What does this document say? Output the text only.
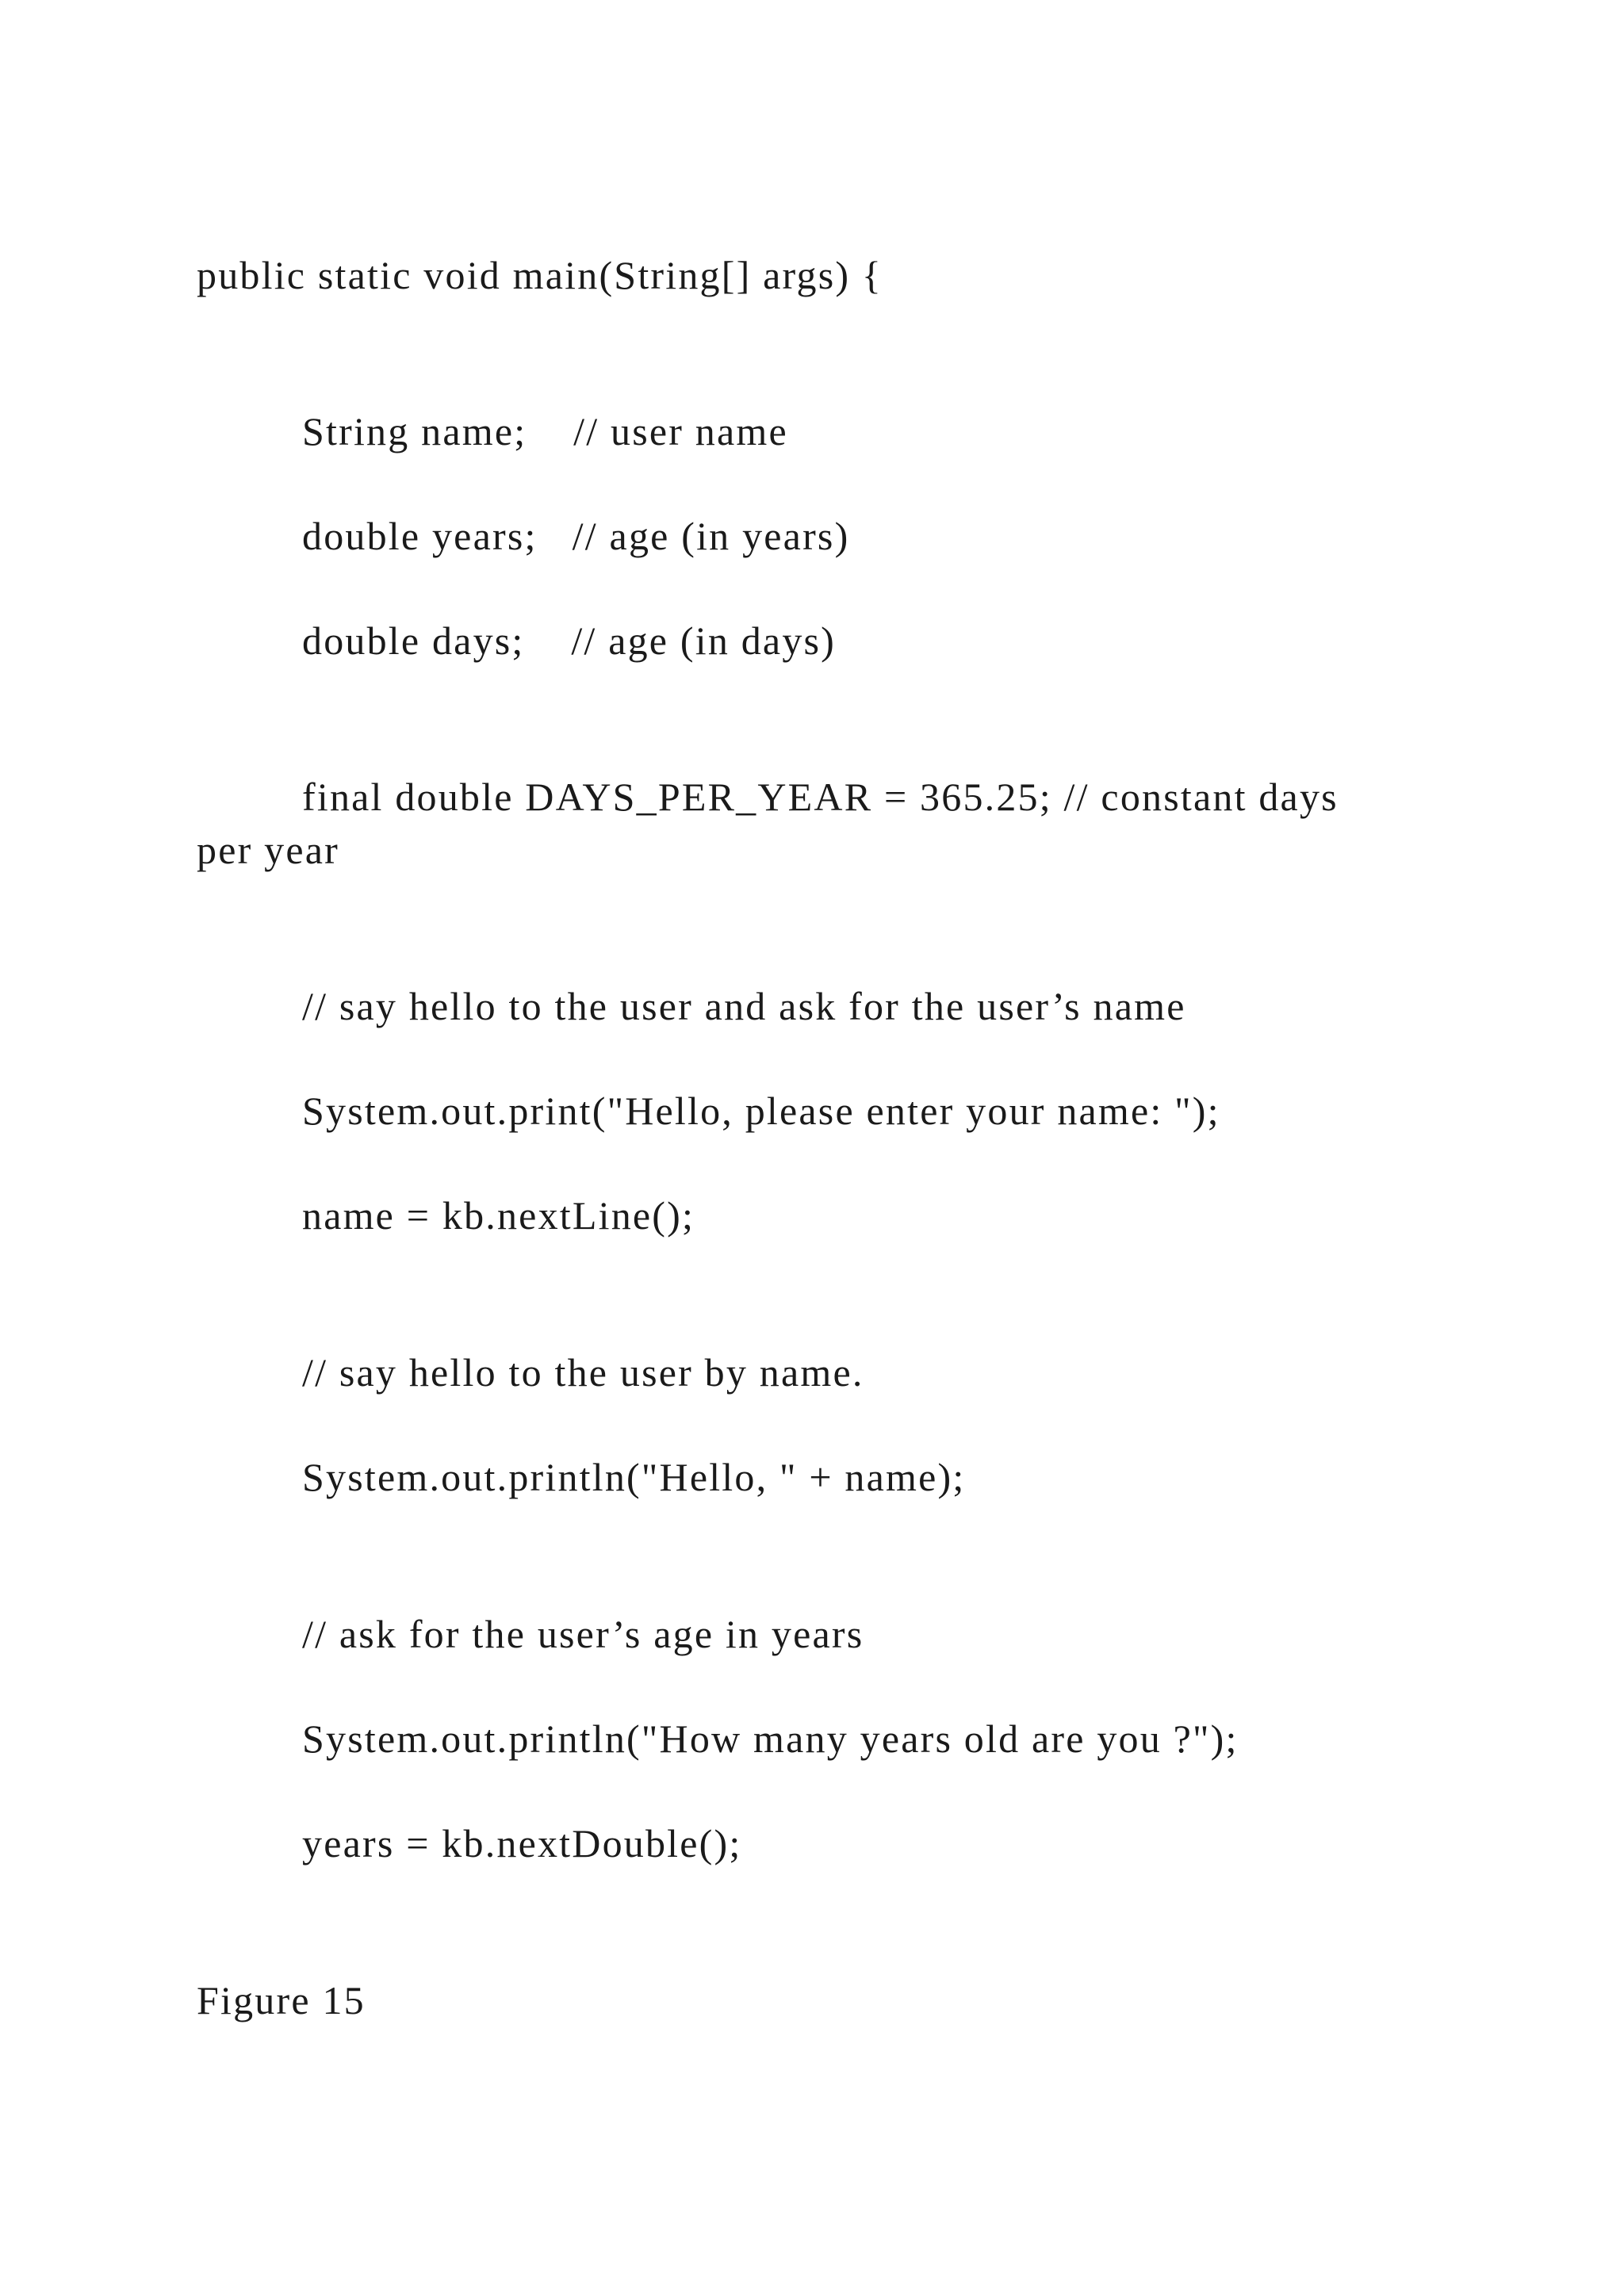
public static void main(String[] args) {
String name;    // user name
double years;   // age (in years)
double days;    // age (in days)
final double DAYS_PER_YEAR = 365.25; // constant days
per year
// say hello to the user and ask for the user’s name
System.out.print("Hello, please enter your name: ");
name = kb.nextLine();
// say hello to the user by name.
System.out.println("Hello, " + name);
// ask for the user’s age in years
System.out.println("How many years old are you ?");
years = kb.nextDouble();
Figure 15
